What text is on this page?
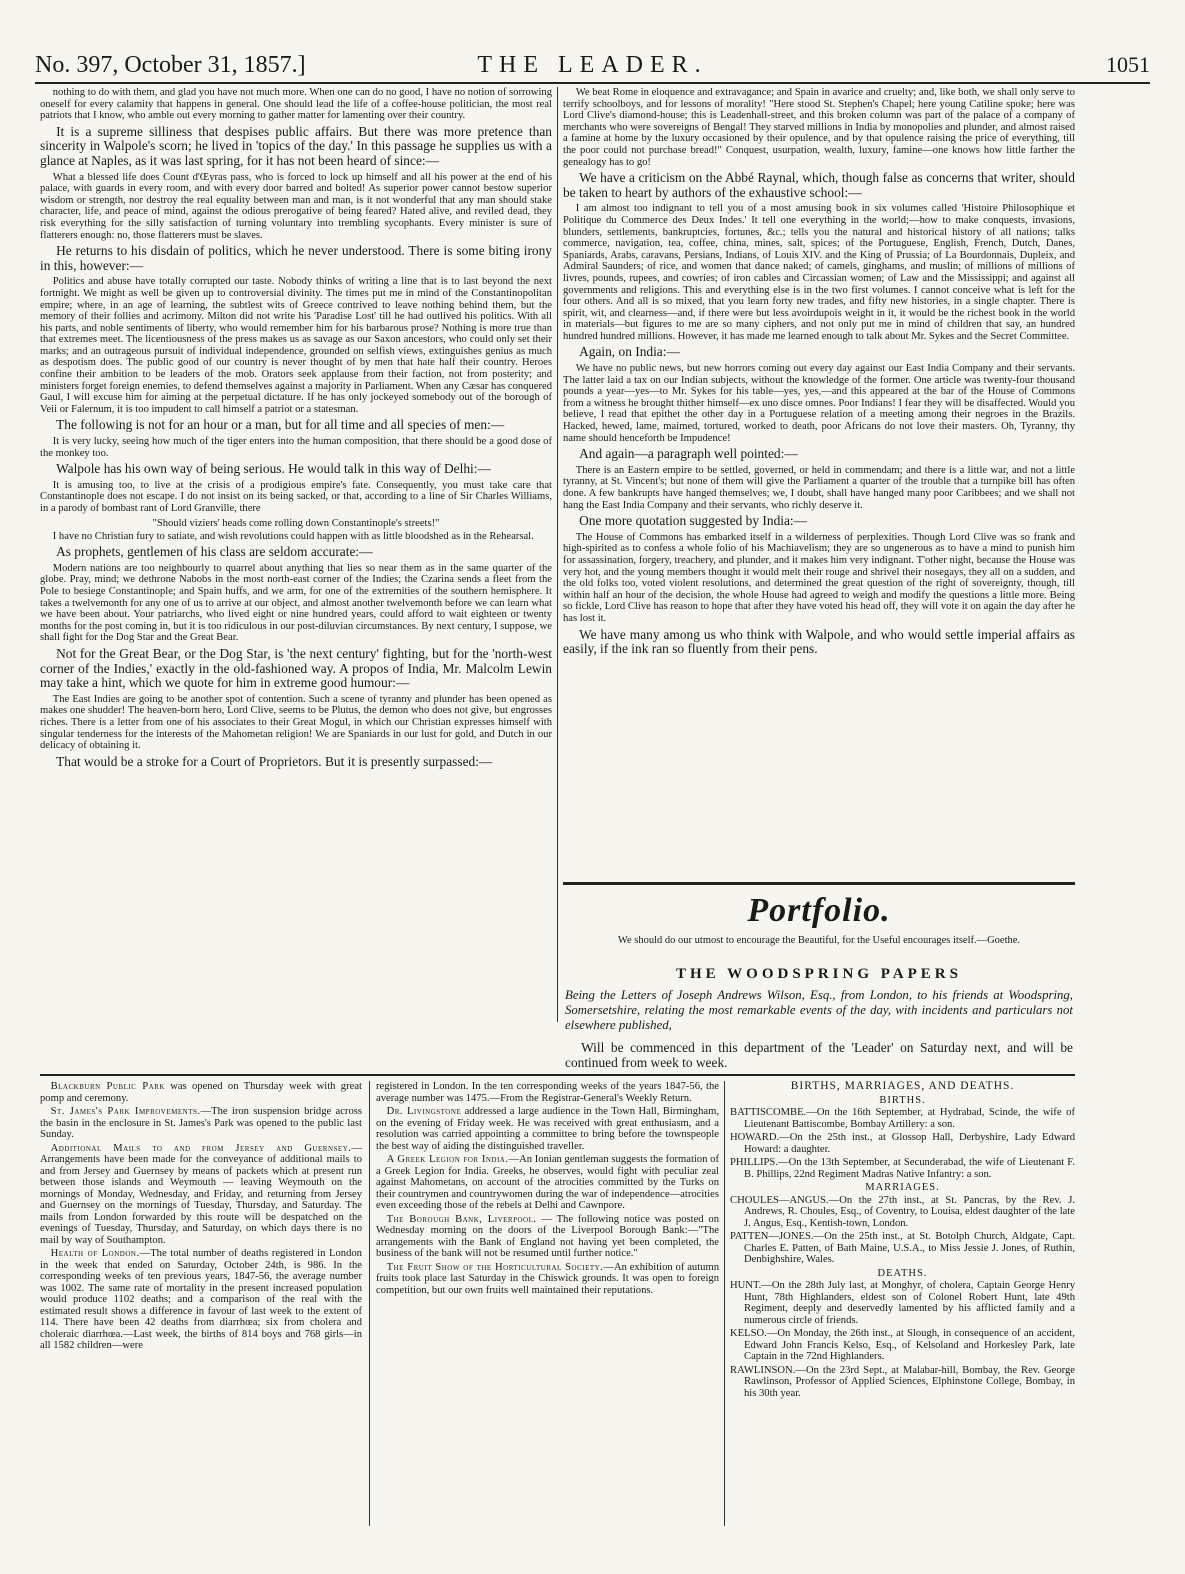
No. 397, October 31, 1857.]	THE LEADER.	1051

nothing to do with them, and glad you have not much more. When one can do no good, I have no notion of sorrowing oneself for every calamity that happens in general. One should lead the life of a coffee-house politician, the most real patriots that I know, who amble out every morning to gather matter for lamenting over their country.

It is a supreme silliness that despises public affairs. But there was more pretence than sincerity in Walpole's scorn; he lived in 'topics of the day.' In this passage he supplies us with a glance at Naples, as it was last spring, for it has not been heard of since:—

What a blessed life does Count d'Œyras pass, who is forced to lock up himself and all his power at the end of his palace, with guards in every room, and with every door barred and bolted! As superior power cannot bestow superior wisdom or strength, nor destroy the real equality between man and man, is it not wonderful that any man should stake character, life, and peace of mind, against the odious prerogative of being feared? Hated alive, and reviled dead, they risk everything for the silly satisfaction of turning voluntary into trembling sycophants. Every minister is sure of flatterers enough: no, those flatterers must be slaves.

He returns to his disdain of politics, which he never understood. There is some biting irony in this, however:—

Politics and abuse have totally corrupted our taste. Nobody thinks of writing a line that is to last beyond the next fortnight. We might as well be given up to controversial divinity. The times put me in mind of the Constantinopolitan empire; where, in an age of learning, the subtlest wits of Greece contrived to leave nothing behind them, but the memory of their follies and acrimony. Milton did not write his 'Paradise Lost' till he had outlived his politics. With all his parts, and noble sentiments of liberty, who would remember him for his barbarous prose? Nothing is more true than that extremes meet. The licentiousness of the press makes us as savage as our Saxon ancestors, who could only set their marks; and an outrageous pursuit of individual independence, grounded on selfish views, extinguishes genius as much as despotism does. The public good of our country is never thought of by men that hate half their country. Heroes confine their ambition to be leaders of the mob. Orators seek applause from their faction, not from posterity; and ministers forget foreign enemies, to defend themselves against a majority in Parliament. When any Cæsar has conquered Gaul, I will excuse him for aiming at the perpetual dictature. If he has only jockeyed somebody out of the borough of Veii or Falernum, it is too impudent to call himself a patriot or a statesman.

The following is not for an hour or a man, but for all time and all species of men:—

It is very lucky, seeing how much of the tiger enters into the human composition, that there should be a good dose of the monkey too.

Walpole has his own way of being serious. He would talk in this way of Delhi:—

It is amusing too, to live at the crisis of a prodigious empire's fate. Consequently, you must take care that Constantinople does not escape. I do not insist on its being sacked, or that, according to a line of Sir Charles Williams, in a parody of bombast rant of Lord Granville, there

"Should viziers' heads come rolling down Constantinople's streets!"

I have no Christian fury to satiate, and wish revolutions could happen with as little bloodshed as in the Rehearsal.

As prophets, gentlemen of his class are seldom accurate:—

Modern nations are too neighbourly to quarrel about anything that lies so near them as in the same quarter of the globe. Pray, mind; we dethrone Nabobs in the most north-east corner of the Indies; the Czarina sends a fleet from the Pole to besiege Constantinople; and Spain huffs, and we arm, for one of the extremities of the southern hemisphere. It takes a twelvemonth for any one of us to arrive at our object, and almost another twelvemonth before we can learn what we have been about. Your patriarchs, who lived eight or nine hundred years, could afford to wait eighteen or twenty months for the post coming in, but it is too ridiculous in our post-diluvian circumstances. By next century, I suppose, we shall fight for the Dog Star and the Great Bear.

Not for the Great Bear, or the Dog Star, is 'the next century' fighting, but for the 'north-west corner of the Indies,' exactly in the old-fashioned way. A propos of India, Mr. Malcolm Lewin may take a hint, which we quote for him in extreme good humour:—

The East Indies are going to be another spot of contention. Such a scene of tyranny and plunder has been opened as makes one shudder! The heaven-born hero, Lord Clive, seems to be Plutus, the demon who does not give, but engrosses riches. There is a letter from one of his associates to their Great Mogul, in which our Christian expresses himself with singular tenderness for the interests of the Mahometan religion! We are Spaniards in our lust for gold, and Dutch in our delicacy of obtaining it.

That would be a stroke for a Court of Proprietors. But it is presently surpassed:—

We beat Rome in eloquence and extravagance; and Spain in avarice and cruelty; and, like both, we shall only serve to terrify schoolboys, and for lessons of morality! "Here stood St. Stephen's Chapel; here young Catiline spoke; here was Lord Clive's diamond-house; this is Leadenhall-street, and this broken column was part of the palace of a company of merchants who were sovereigns of Bengal! They starved millions in India by monopolies and plunder, and almost raised a famine at home by the luxury occasioned by their opulence, and by that opulence raising the price of everything, till the poor could not purchase bread!" Conquest, usurpation, wealth, luxury, famine—one knows how little farther the genealogy has to go!

We have a criticism on the Abbé Raynal, which, though false as concerns that writer, should be taken to heart by authors of the exhaustive school:—

I am almost too indignant to tell you of a most amusing book in six volumes called 'Histoire Philosophique et Politique du Commerce des Deux Indes.' It tell one everything in the world;—how to make conquests, invasions, blunders, settlements, bankruptcies, fortunes, &c.; tells you the natural and historical history of all nations; talks commerce, navigation, tea, coffee, china, mines, salt, spices; of the Portuguese, English, French, Dutch, Danes, Spaniards, Arabs, caravans, Persians, Indians, of Louis XIV. and the King of Prussia; of La Bourdonnais, Dupleix, and Admiral Saunders; of rice, and women that dance naked; of camels, ginghams, and muslin; of millions of millions of livres, pounds, rupees, and cowries; of iron cables and Circassian women; of Law and the Mississippi; and against all governments and religions. This and everything else is in the two first volumes. I cannot conceive what is left for the four others. And all is so mixed, that you learn forty new trades, and fifty new histories, in a single chapter. There is spirit, wit, and clearness—and, if there were but less avoirdupois weight in it, it would be the richest book in the world in materials—but figures to me are so many ciphers, and not only put me in mind of children that say, an hundred hundred hundred millions. However, it has made me learned enough to talk about Mr. Sykes and the Secret Committee.

Again, on India:—

We have no public news, but new horrors coming out every day against our East India Company and their servants. The latter laid a tax on our Indian subjects, without the knowledge of the former. One article was twenty-four thousand pounds a year—yes—to Mr. Sykes for his table—yes, yes,—and this appeared at the bar of the House of Commons from a witness he brought thither himself—ex uno disce omnes. Poor Indians! I fear they will be disaffected. Would you believe, I read that epithet the other day in a Portuguese relation of a meeting among their negroes in the Brazils. Hacked, hewed, lame, maimed, tortured, worked to death, poor Africans do not love their masters. Oh, Tyranny, thy name should henceforth be Impudence!

And again—a paragraph well pointed:—

There is an Eastern empire to be settled, governed, or held in commendam; and there is a little war, and not a little tyranny, at St. Vincent's; but none of them will give the Parliament a quarter of the trouble that a turnpike bill has often done. A few bankrupts have hanged themselves; we, I doubt, shall have hanged many poor Caribbees; and we shall not hang the East India Company and their servants, who richly deserve it.

One more quotation suggested by India:—

The House of Commons has embarked itself in a wilderness of perplexities. Though Lord Clive was so frank and high-spirited as to confess a whole folio of his Machiavelism; they are so ungenerous as to have a mind to punish him for assassination, forgery, treachery, and plunder, and it makes him very indignant. T'other night, because the House was very hot, and the young members thought it would melt their rouge and shrivel their nosegays, they all on a sudden, and the old folks too, voted violent resolutions, and determined the great question of the right of sovereignty, though, till within half an hour of the decision, the whole House had agreed to weigh and modify the questions a little more. Being so fickle, Lord Clive has reason to hope that after they have voted his head off, they will vote it on again the day after he has lost it.

We have many among us who think with Walpole, and who would settle imperial affairs as easily, if the ink ran so fluently from their pens.

Portfolio.
We should do our utmost to encourage the Beautiful, for the Useful encourages itself.—Goethe.
THE WOODSPRING PAPERS
Being the Letters of Joseph Andrews Wilson, Esq., from London, to his friends at Woodspring, Somersetshire, relating the most remarkable events of the day, with incidents and particulars not elsewhere published,
Will be commenced in this department of the 'Leader' on Saturday next, and will be continued from week to week.

Blackburn Public Park was opened on Thursday week with great pomp and ceremony.

St. James's Park Improvements.—The iron suspension bridge across the basin in the enclosure in St. James's Park was opened to the public last Sunday.

Additional Mails to and from Jersey and Guernsey.—Arrangements have been made for the conveyance of additional mails to and from Jersey and Guernsey by means of packets which at present run between those islands and Weymouth — leaving Weymouth on the mornings of Monday, Wednesday, and Friday, and returning from Jersey and Guernsey on the mornings of Tuesday, Thursday, and Saturday. The mails from London forwarded by this route will be despatched on the evenings of Tuesday, Thursday, and Saturday, on which days there is no mail by way of Southampton.

Health of London.—The total number of deaths registered in London in the week that ended on Saturday, October 24th, is 986. In the corresponding weeks of ten previous years, 1847-56, the average number was 1002. The same rate of mortality in the present increased population would produce 1102 deaths; and a comparison of the real with the estimated result shows a difference in favour of last week to the extent of 114. There have been 42 deaths from diarrhœa; six from cholera and choleraic diarrhœa.—Last week, the births of 814 boys and 768 girls—in all 1582 children—were

registered in London. In the ten corresponding weeks of the years 1847-56, the average number was 1475.—From the Registrar-General's Weekly Return.

Dr. Livingstone addressed a large audience in the Town Hall, Birmingham, on the evening of Friday week. He was received with great enthusiasm, and a resolution was carried appointing a committee to bring before the townspeople the best way of aiding the distinguished traveller.

A Greek Legion for India.—An Ionian gentleman suggests the formation of a Greek Legion for India. Greeks, he observes, would fight with peculiar zeal against Mahometans, on account of the atrocities committed by the Turks on their countrymen and countrywomen during the war of independence—atrocities even exceeding those of the rebels at Delhi and Cawnpore.

The Borough Bank, Liverpool. — The following notice was posted on Wednesday morning on the doors of the Liverpool Borough Bank:—"The arrangements with the Bank of England not having yet been completed, the business of the bank will not be resumed until further notice."

The Fruit Show of the Horticultural Society.—An exhibition of autumn fruits took place last Saturday in the Chiswick grounds. It was open to foreign competition, but our own fruits well maintained their reputations.

BIRTHS, MARRIAGES, AND DEATHS.
BIRTHS.

BATTISCOMBE.—On the 16th September, at Hydrabad, Scinde, the wife of Lieutenant Battiscombe, Bombay Artillery: a son.

HOWARD.—On the 25th inst., at Glossop Hall, Derbyshire, Lady Edward Howard: a daughter.

PHILLIPS.—On the 13th September, at Secunderabad, the wife of Lieutenant F. B. Phillips, 22nd Regiment Madras Native Infantry: a son.

MARRIAGES.

CHOULES—ANGUS.—On the 27th inst., at St. Pancras, by the Rev. J. Andrews, R. Choules, Esq., of Coventry, to Louisa, eldest daughter of the late J. Angus, Esq., Kentish-town, London.

PATTEN—JONES.—On the 25th inst., at St. Botolph Church, Aldgate, Capt. Charles E. Patten, of Bath Maine, U.S.A., to Miss Jessie J. Jones, of Ruthin, Denbighshire, Wales.

DEATHS.

HUNT.—On the 28th July last, at Monghyr, of cholera, Captain George Henry Hunt, 78th Highlanders, eldest son of Colonel Robert Hunt, late 49th Regiment, deeply and deservedly lamented by his afflicted family and a numerous circle of friends.

KELSO.—On Monday, the 26th inst., at Slough, in consequence of an accident, Edward John Francis Kelso, Esq., of Kelsoland and Horkesley Park, late Captain in the 72nd Highlanders.

RAWLINSON.—On the 23rd Sept., at Malabar-hill, Bombay, the Rev. George Rawlinson, Professor of Applied Sciences, Elphinstone College, Bombay, in his 30th year.
